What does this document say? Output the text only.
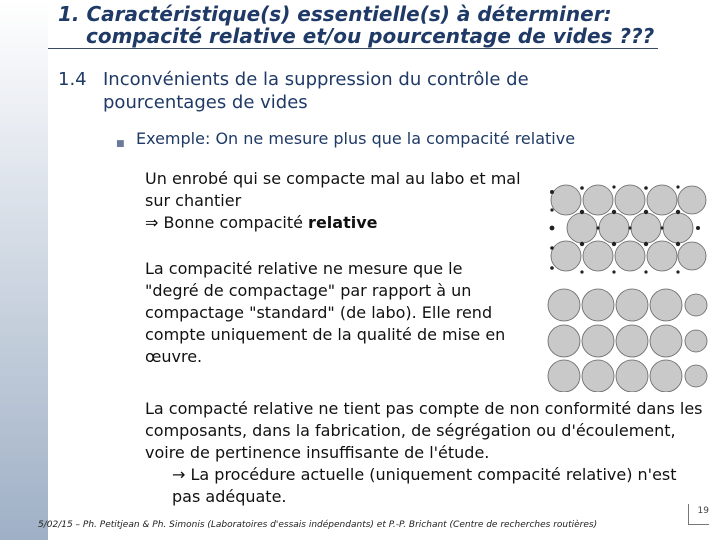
1. Caractéristique(s) essentielle(s) à déterminer:
compacité relative et/ou pourcentage de vides ???
1.4 Inconvénients de la suppression du contrôle de pourcentages de vides
■ Exemple: On ne mesure plus que la compacité relative
Un enrobé qui se compacte mal au labo et mal sur chantier
⇒ Bonne compacité relative
La compacité relative ne mesure que le "degré de compactage" par rapport à un compactage "standard" (de labo). Elle rend compte uniquement de la qualité de mise en œuvre.
La compacté relative ne tient pas compte de non conformité dans les composants, dans la fabrication, de ségrégation ou d'écoulement, voire de pertinence insuffisante de l'étude.

→ La procédure actuelle (uniquement compacité relative) n'est pas adéquate.
5/02/15 – Ph. Petitjean & Ph. Simonis (Laboratoires d'essais indépendants) et P.-P. Brichant (Centre de recherches routières)
19
